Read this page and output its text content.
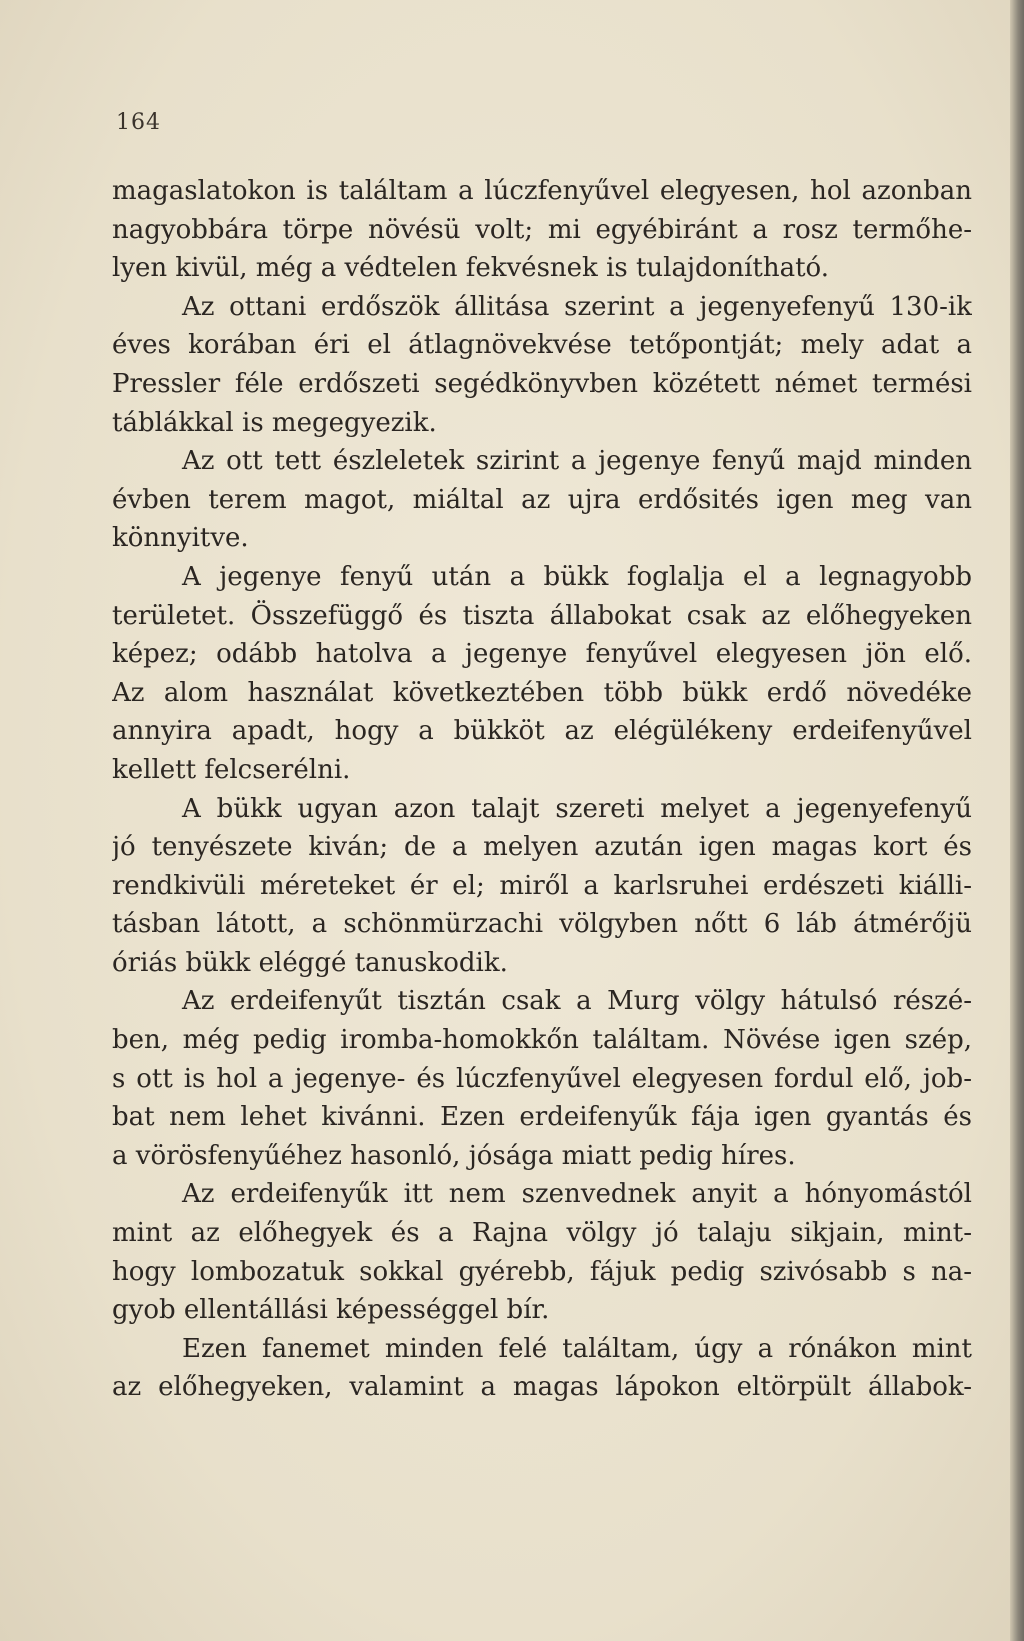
164
magaslatokon is találtam a lúczfenyűvel elegyesen, hol azonban
nagyobbára törpe növésü volt; mi egyébiránt a rosz termőhe-
lyen kivül, még a védtelen fekvésnek is tulajdonítható.
Az ottani erdőszök állitása szerint a jegenyefenyű 130-ik
éves korában éri el átlagnövekvése tetőpontját; mely adat a
Pressler féle erdőszeti segédkönyvben közétett német termési
táblákkal is megegyezik.
Az ott tett észleletek szirint a jegenye fenyű majd minden
évben terem magot, miáltal az ujra erdősités igen meg van
könnyitve.
A jegenye fenyű után a bükk foglalja el a legnagyobb
területet. Összefüggő és tiszta állabokat csak az előhegyeken
képez; odább hatolva a jegenye fenyűvel elegyesen jön elő.
Az alom használat következtében több bükk erdő növedéke
annyira apadt, hogy a bükköt az elégülékeny erdeifenyűvel
kellett felcserélni.
A bükk ugyan azon talajt szereti melyet a jegenyefenyű
jó tenyészete kiván; de a melyen azután igen magas kort és
rendkivüli méreteket ér el; miről a karlsruhei erdészeti kiálli-
tásban látott, a schönmürzachi völgyben nőtt 6 láb átmérőjü
óriás bükk eléggé tanuskodik.
Az erdeifenyűt tisztán csak a Murg völgy hátulsó részé-
ben, még pedig iromba-homokkőn találtam. Növése igen szép,
s ott is hol a jegenye- és lúczfenyűvel elegyesen fordul elő, job-
bat nem lehet kivánni. Ezen erdeifenyűk fája igen gyantás és
a vörösfenyűéhez hasonló, jósága miatt pedig híres.
Az erdeifenyűk itt nem szenvednek anyit a hónyomástól
mint az előhegyek és a Rajna völgy jó talaju sikjain, mint-
hogy lombozatuk sokkal gyérebb, fájuk pedig szivósabb s na-
gyob ellentállási képességgel bír.
Ezen fanemet minden felé találtam, úgy a rónákon mint
az előhegyeken, valamint a magas lápokon eltörpült állabok-
